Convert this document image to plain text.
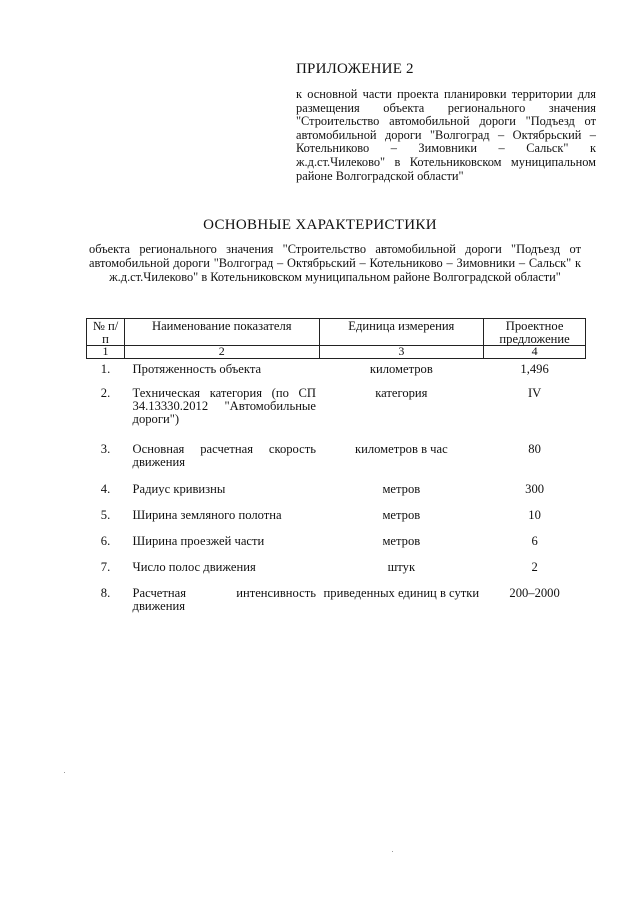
ПРИЛОЖЕНИЕ 2
к основной части проекта планировки территории для размещения объекта регионального значения "Строительство автомобильной дороги "Подъезд от автомобильной дороги "Волгоград – Октябрьский – Котельниково – Зимовники – Сальск" к ж.д.ст.Чилеково" в Котельниковском муниципальном районе Волгоградской области"
ОСНОВНЫЕ ХАРАКТЕРИСТИКИ
объекта регионального значения "Строительство автомобильной дороги "Подъезд от автомобильной дороги "Волгоград – Октябрьский – Котельниково – Зимовники – Сальск" к ж.д.ст.Чилеково" в Котельниковском муниципальном районе Волгоградской области"
№ п/п	Наименование показателя	Единица измерения	Проектное предложение
1	2	3	4
1.	Протяженность объекта	километров	1,496
2.	Техническая категория (по СП 34.13330.2012 "Автомобильные дороги")	категория	IV
3.	Основная расчетная скорость движения	километров в час	80
4.	Радиус кривизны	метров	300
5.	Ширина земляного полотна	метров	10
6.	Ширина проезжей части	метров	6
7.	Число полос движения	штук	2
8.	Расчетная интенсивность движения	приведенных единиц в сутки	200–2000
